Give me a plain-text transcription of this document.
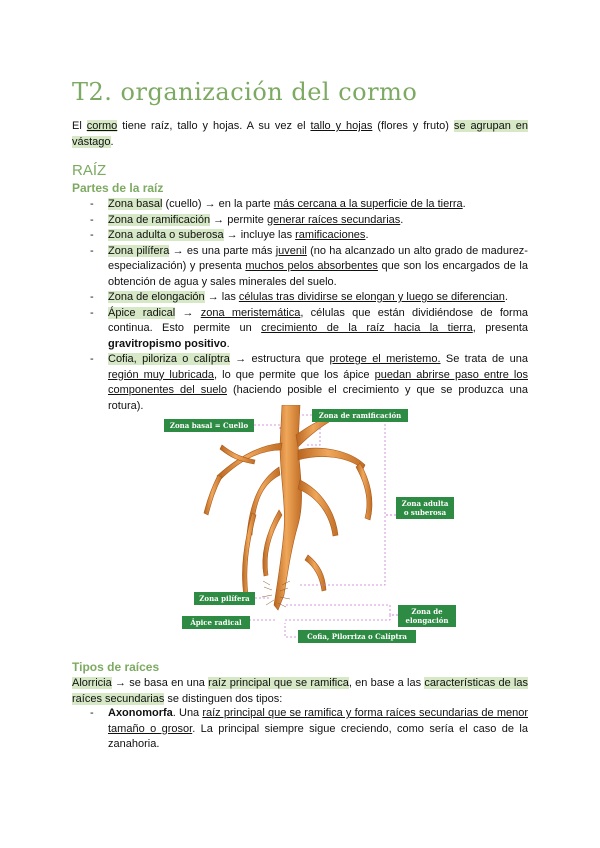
T2. organización del cormo
El cormo tiene raíz, tallo y hojas. A su vez el tallo y hojas (flores y fruto) se agrupan en vástago.
RAÍZ
Partes de la raíz
- Zona basal (cuello) → en la parte más cercana a la superficie de la tierra.
- Zona de ramificación → permite generar raíces secundarias.
- Zona adulta o suberosa → incluye las ramificaciones.
- Zona pilífera → es una parte más juvenil (no ha alcanzado un alto grado de madurez-especialización) y presenta muchos pelos absorbentes que son los encargados de la obtención de agua y sales minerales del suelo.
- Zona de elongación → las células tras dividirse se elongan y luego se diferencian.
- Ápice radical → zona meristemática, células que están dividiéndose de forma continua. Esto permite un crecimiento de la raíz hacia la tierra, presenta gravitropismo positivo.
- Cofia, piloriza o calíptra → estructura que protege el meristemo. Se trata de una región muy lubricada, lo que permite que los ápice puedan abrirse paso entre los componentes del suelo (haciendo posible el crecimiento y que se produzca una rotura).
Zona basal = Cuello
Zona de ramificación
Zona adulta o suberosa
Zona pilífera
Zona de elongación
Ápice radical
Cofia, Pilorriza o Calíptra
Tipos de raíces
Alorricia → se basa en una raíz principal que se ramifica, en base a las características de las raíces secundarias se distinguen dos tipos:
- Axonomorfa. Una raíz principal que se ramifica y forma raíces secundarias de menor tamaño o grosor. La principal siempre sigue creciendo, como sería el caso de la zanahoria.
